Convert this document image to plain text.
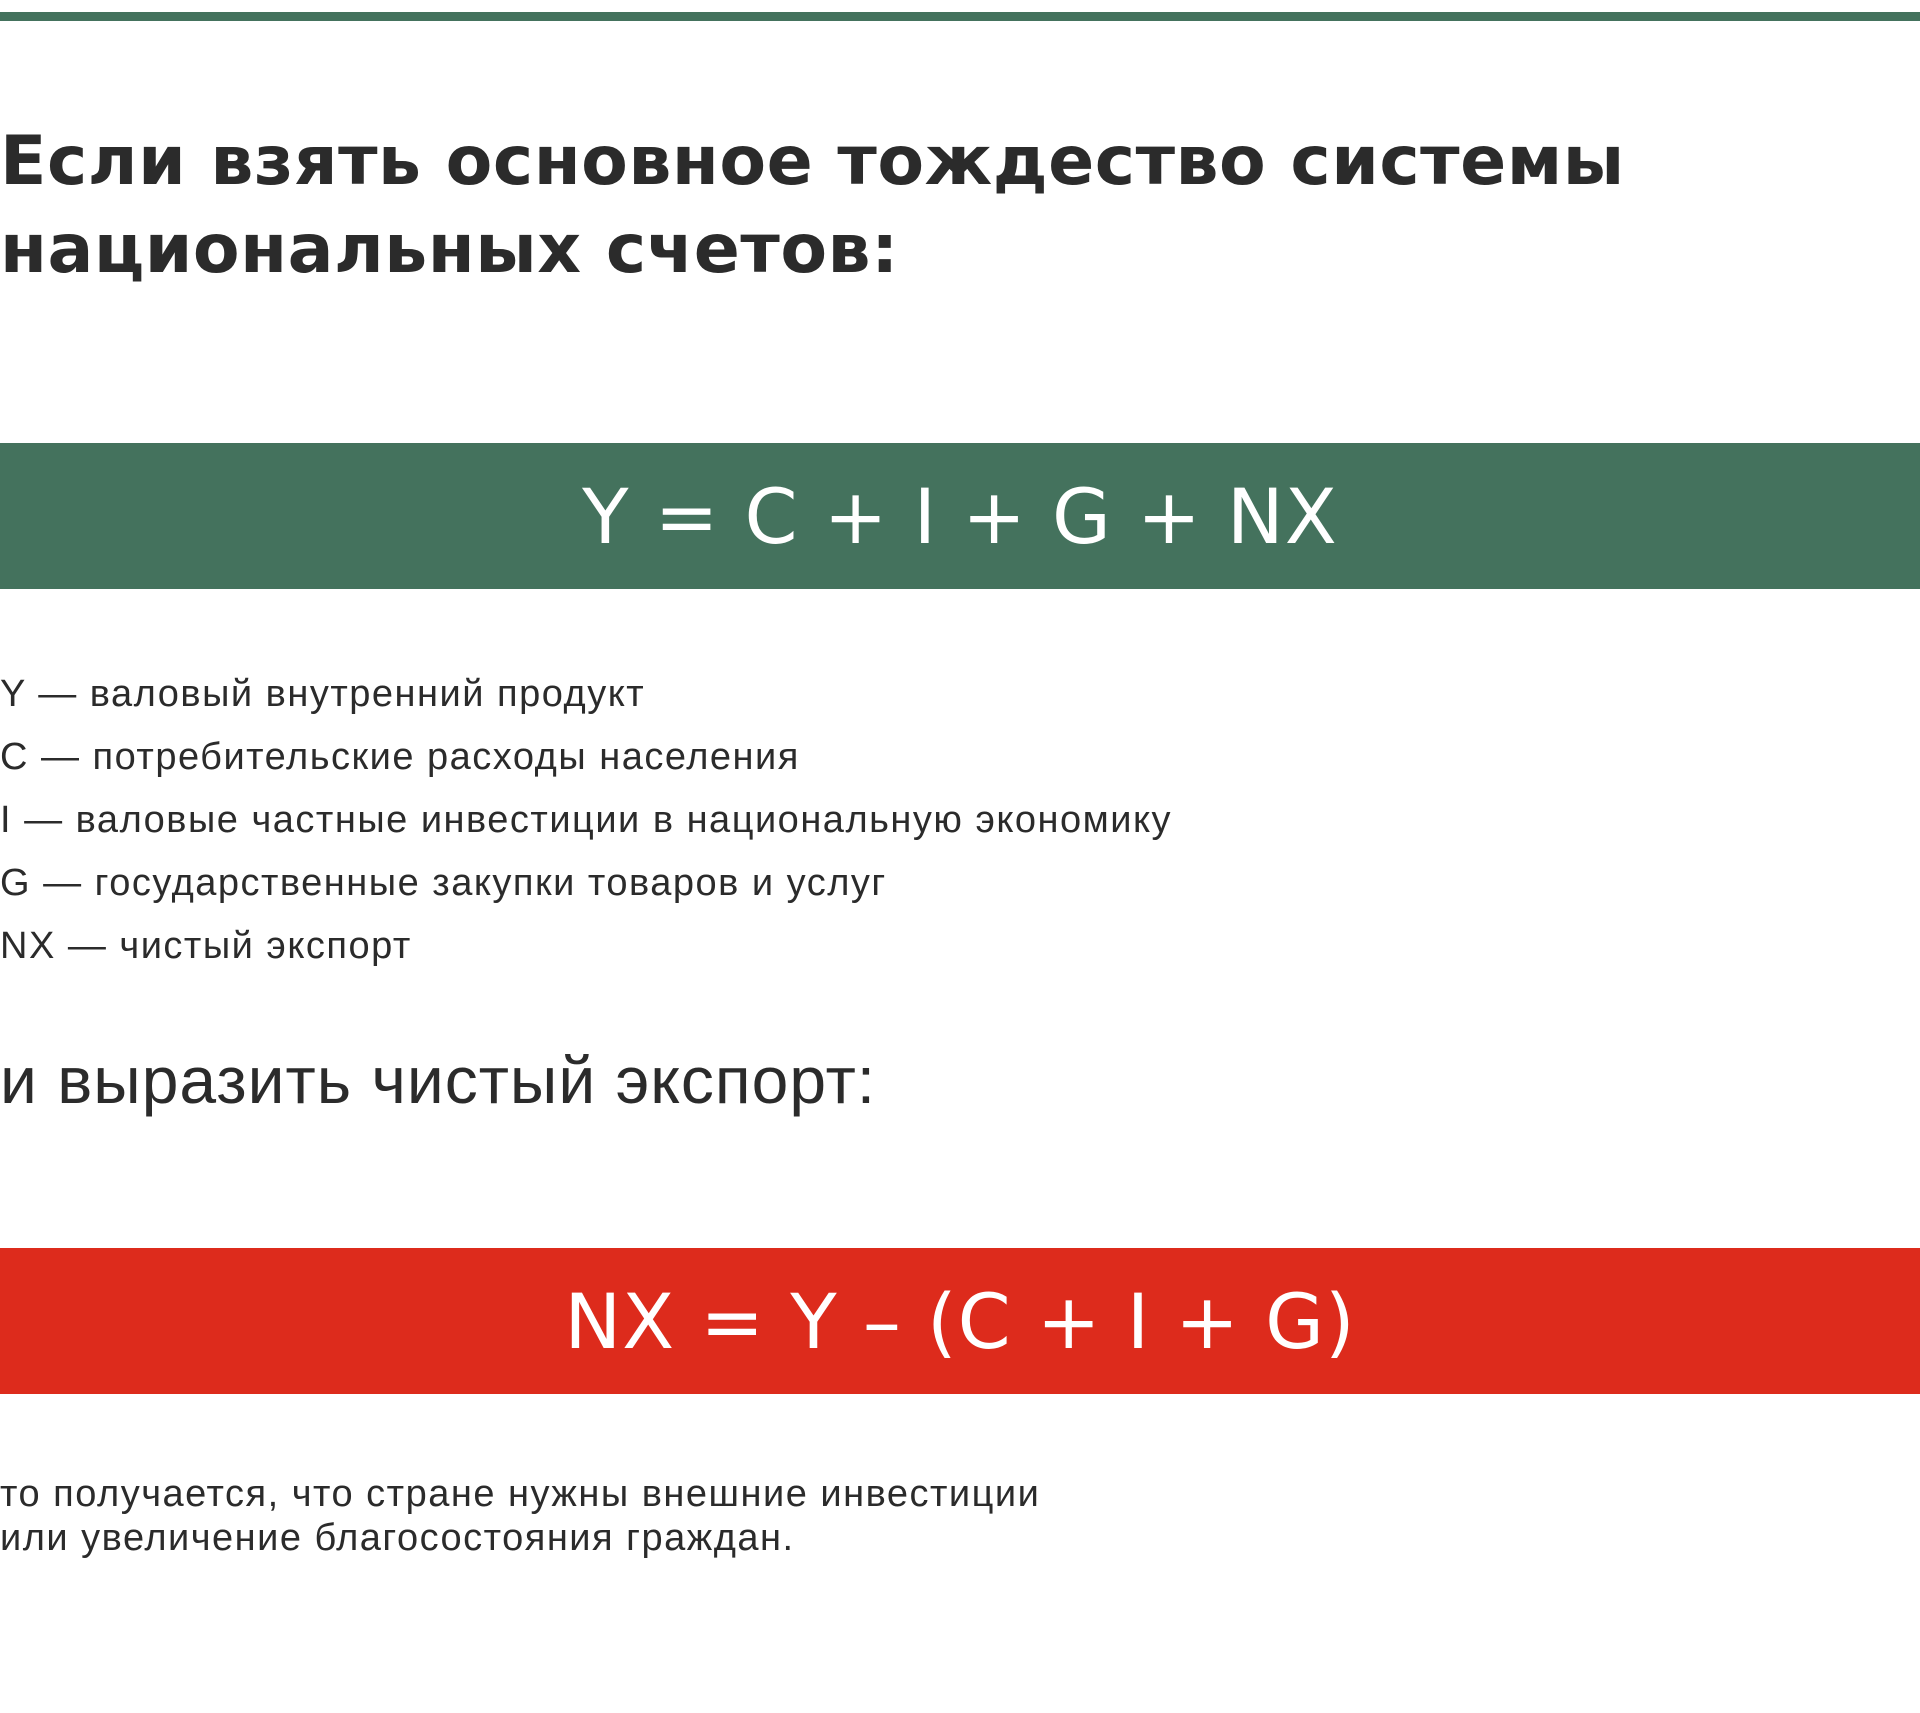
Если взять основное тождество системы
национальных счетов:
Y = C + I + G + NX
Y — валовый внутренний продукт
C — потребительские расходы населения
I — валовые частные инвестиции в национальную экономику
G — государственные закупки товаров и услуг
NX — чистый экспорт
и выразить чистый экспорт:
NX = Y – (C + I + G)

то получается, что стране нужны внешние инвестиции
или увеличение благосостояния граждан.
